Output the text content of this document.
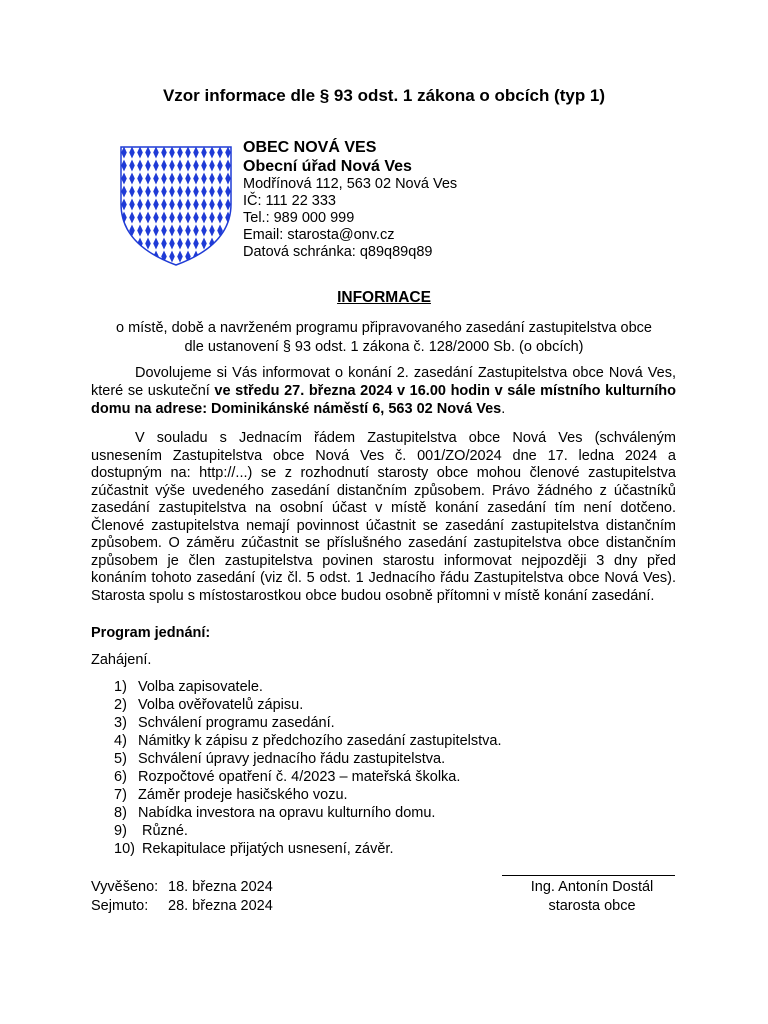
Vzor informace dle § 93 odst. 1 zákona o obcích (typ 1)
OBEC NOVÁ VES
Obecní úřad Nová Ves
Modřínová 112, 563 02 Nová Ves
IČ: 111 22 333
Tel.: 989 000 999
Email: starosta@onv.cz
Datová schránka: q89q89q89
INFORMACE
o místě, době a navrženém programu připravovaného zasedání zastupitelstva obce
dle ustanovení § 93 odst. 1 zákona č. 128/2000 Sb. (o obcích)
Dovolujeme si Vás informovat o konání 2. zasedání Zastupitelstva obce Nová Ves, které se uskuteční ve středu 27. března 2024 v 16.00 hodin v sále místního kulturního domu na adrese: Dominikánské náměstí 6, 563 02 Nová Ves.
V souladu s Jednacím řádem Zastupitelstva obce Nová Ves (schváleným usnesením Zastupitelstva obce Nová Ves č. 001/ZO/2024 dne 17. ledna 2024 a dostupným na: http://...) se z rozhodnutí starosty obce mohou členové zastupitelstva zúčastnit výše uvedeného zasedání distančním způsobem. Právo žádného z účastníků zasedání zastupitelstva na osobní účast v místě konání zasedání tím není dotčeno. Členové zastupitelstva nemají povinnost účastnit se zasedání zastupitelstva distančním způsobem. O záměru zúčastnit se příslušného zasedání zastupitelstva obce distančním způsobem je člen zastupitelstva povinen starostu informovat nejpozději 3 dny před konáním tohoto zasedání (viz čl. 5 odst. 1 Jednacího řádu Zastupitelstva obce Nová Ves). Starosta spolu s místostarostkou obce budou osobně přítomni v místě konání zasedání.
Program jednání:
Zahájení.
1) Volba zapisovatele.
2) Volba ověřovatelů zápisu.
3) Schválení programu zasedání.
4) Námitky k zápisu z předchozího zasedání zastupitelstva.
5) Schválení úpravy jednacího řádu zastupitelstva.
6) Rozpočtové opatření č. 4/2023 – mateřská školka.
7) Záměr prodeje hasičského vozu.
8) Nabídka investora na opravu kulturního domu.
9) Různé.
10) Rekapitulace přijatých usnesení, závěr.
Vyvěšeno: 18. března 2024
Sejmuto: 28. března 2024
Ing. Antonín Dostál
starosta obce
